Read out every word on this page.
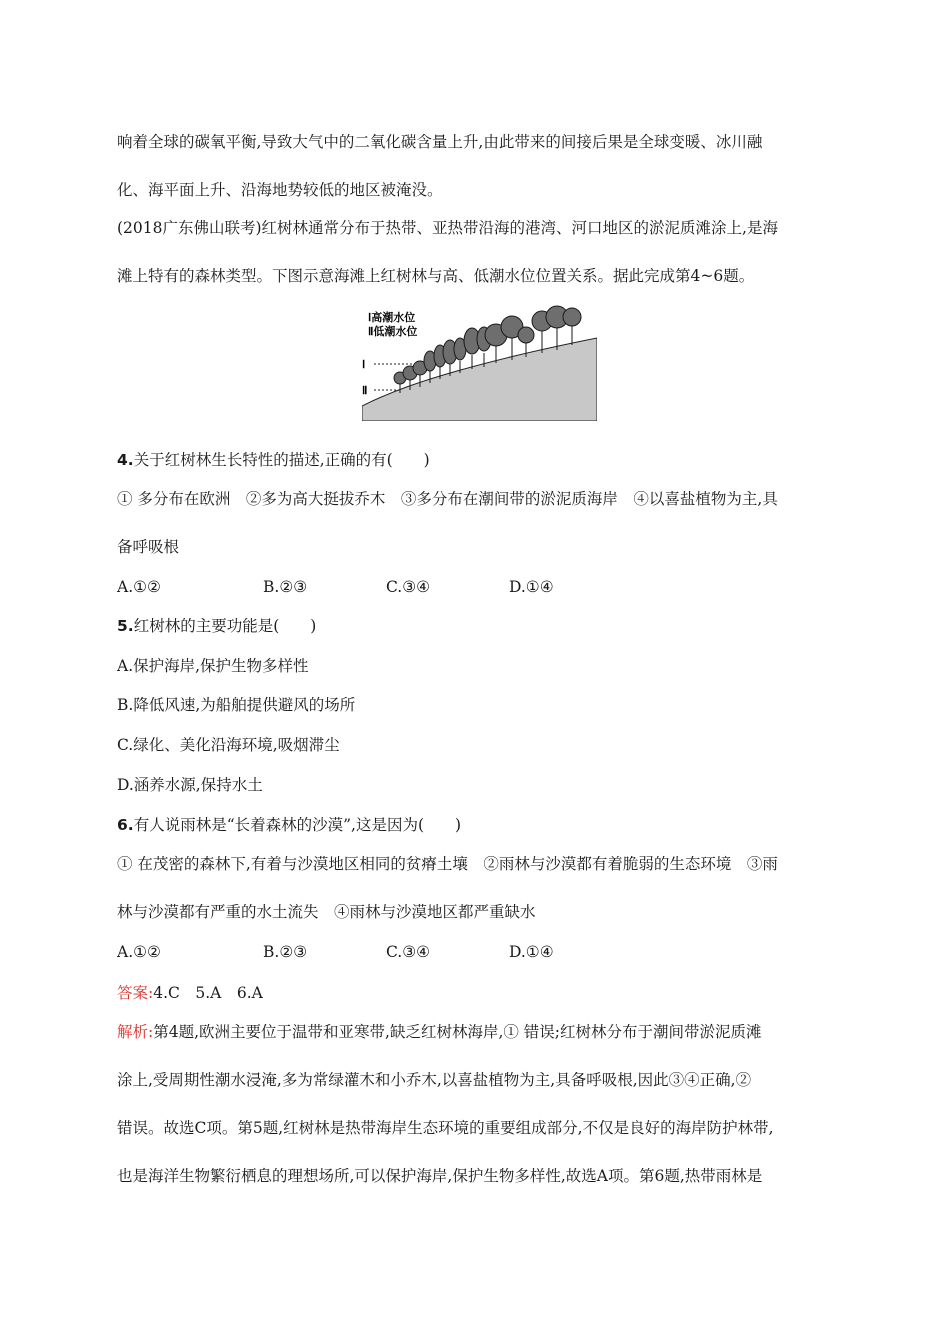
响着全球的碳氧平衡,导致大气中的二氧化碳含量上升,由此带来的间接后果是全球变暖、冰川融
化、海平面上升、沿海地势较低的地区被淹没。
(2018广东佛山联考)红树林通常分布于热带、亚热带沿海的港湾、河口地区的淤泥质滩涂上,是海
滩上特有的森林类型。下图示意海滩上红树林与高、低潮水位位置关系。据此完成第4~6题。
Ⅰ高潮水位
Ⅱ低潮水位
Ⅰ
Ⅱ
4.关于红树林生长特性的描述,正确的有(　　)
① 多分布在欧洲　②多为高大挺拔乔木　③多分布在潮间带的淤泥质海岸　④以喜盐植物为主,具
备呼吸根
A.①②	B.②③	C.③④	D.①④
5.红树林的主要功能是(　　)
A.保护海岸,保护生物多样性
B.降低风速,为船舶提供避风的场所
C.绿化、美化沿海环境,吸烟滞尘
D.涵养水源,保持水土
6.有人说雨林是“长着森林的沙漠”,这是因为(　　)
① 在茂密的森林下,有着与沙漠地区相同的贫瘠土壤　②雨林与沙漠都有着脆弱的生态环境　③雨
林与沙漠都有严重的水土流失　④雨林与沙漠地区都严重缺水
A.①②	B.②③	C.③④	D.①④
答案:4.C　5.A　6.A
解析:第4题,欧洲主要位于温带和亚寒带,缺乏红树林海岸,① 错误;红树林分布于潮间带淤泥质滩
涂上,受周期性潮水浸淹,多为常绿灌木和小乔木,以喜盐植物为主,具备呼吸根,因此③④正确,②
错误。故选C项。第5题,红树林是热带海岸生态环境的重要组成部分,不仅是良好的海岸防护林带,
也是海洋生物繁衍栖息的理想场所,可以保护海岸,保护生物多样性,故选A项。第6题,热带雨林是
